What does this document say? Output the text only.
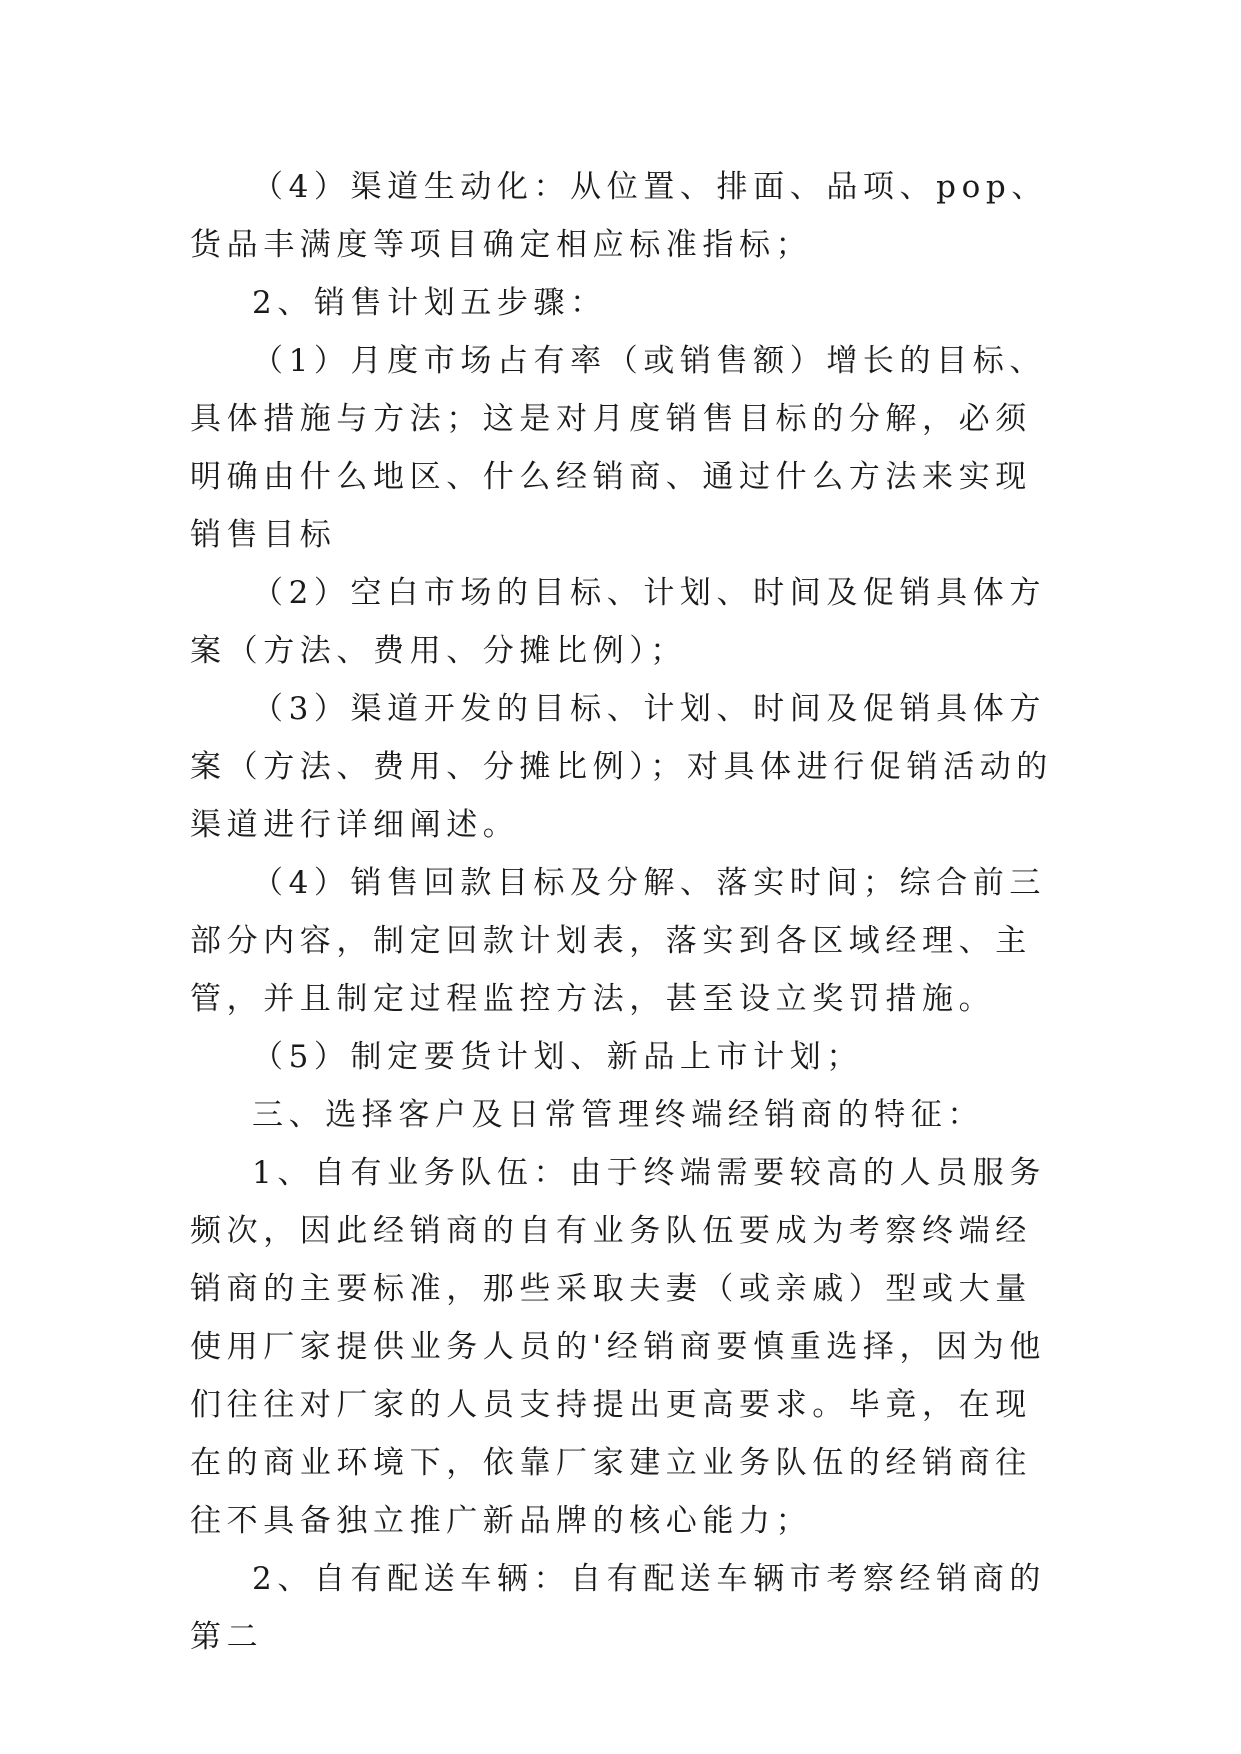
（4）渠道生动化：从位置、排面、品项、pop、货品丰满度等项目确定相应标准指标；

2、销售计划五步骤：

（1）月度市场占有率（或销售额）增长的目标、具体措施与方法；这是对月度销售目标的分解，必须明确由什么地区、什么经销商、通过什么方法来实现销售目标

（2）空白市场的目标、计划、时间及促销具体方案（方法、费用、分摊比例）；

（3）渠道开发的目标、计划、时间及促销具体方案（方法、费用、分摊比例）；对具体进行促销活动的渠道进行详细阐述。

（4）销售回款目标及分解、落实时间；综合前三部分内容，制定回款计划表，落实到各区域经理、主管，并且制定过程监控方法，甚至设立奖罚措施。

（5）制定要货计划、新品上市计划；

三、选择客户及日常管理终端经销商的特征：

1、自有业务队伍：由于终端需要较高的人员服务频次，因此经销商的自有业务队伍要成为考察终端经销商的主要标准，那些采取夫妻（或亲戚）型或大量使用厂家提供业务人员的'经销商要慎重选择，因为他们往往对厂家的人员支持提出更高要求。毕竟，在现在的商业环境下，依靠厂家建立业务队伍的经销商往往不具备独立推广新品牌的核心能力；

2、自有配送车辆：自有配送车辆市考察经销商的第二
